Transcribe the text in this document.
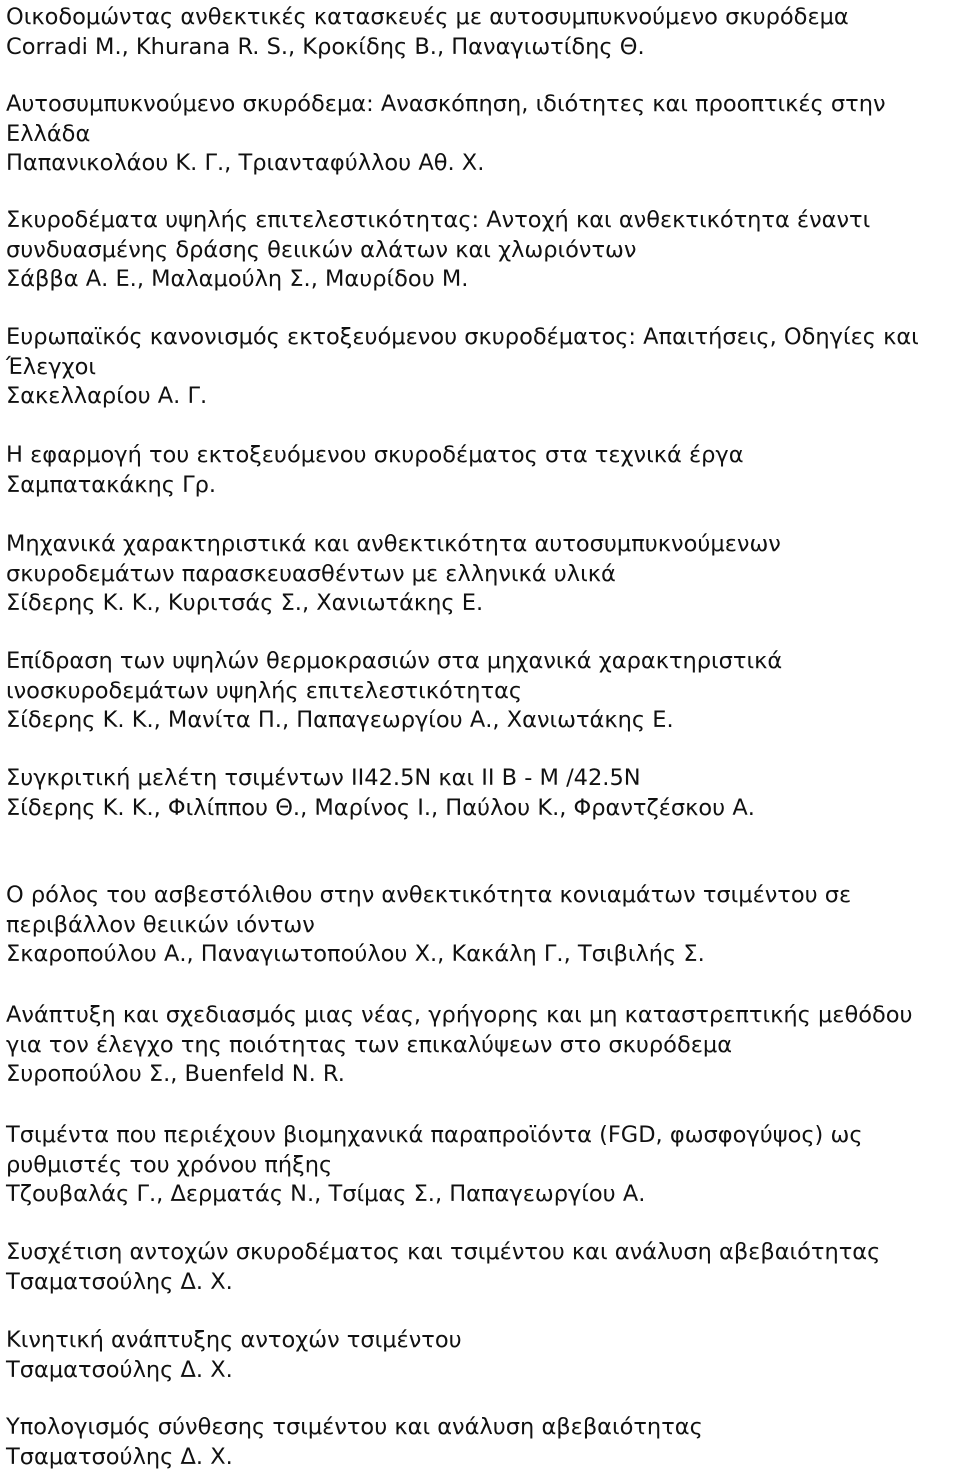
Οικοδομώντας ανθεκτικές κατασκευές με αυτοσυμπυκνούμενο σκυρόδεμα
Corradi M., Khurana R. S., Κροκίδης Β., Παναγιωτίδης Θ.
Αυτοσυμπυκνούμενο σκυρόδεμα: Ανασκόπηση, ιδιότητες και προοπτικές στην
Ελλάδα
Παπανικολάου Κ. Γ., Τριανταφύλλου Αθ. Χ.
Σκυροδέματα υψηλής επιτελεστικότητας: Αντοχή και ανθεκτικότητα έναντι
συνδυασμένης δράσης θειικών αλάτων και χλωριόντων
Σάββα Α. Ε., Μαλαμούλη Σ., Μαυρίδου Μ.
Ευρωπαϊκός κανονισμός εκτοξευόμενου σκυροδέματος: Απαιτήσεις, Οδηγίες και
Έλεγχοι
Σακελλαρίου Α. Γ.
Η εφαρμογή του εκτοξευόμενου σκυροδέματος στα τεχνικά έργα
Σαμπατακάκης Γρ.
Μηχανικά χαρακτηριστικά και ανθεκτικότητα αυτοσυμπυκνούμενων
σκυροδεμάτων παρασκευασθέντων με ελληνικά υλικά
Σίδερης Κ. Κ., Κυριτσάς Σ., Χανιωτάκης Ε.
Επίδραση των υψηλών θερμοκρασιών στα μηχανικά χαρακτηριστικά
ινοσκυροδεμάτων υψηλής επιτελεστικότητας
Σίδερης Κ. Κ., Μανίτα Π., Παπαγεωργίου Α., Χανιωτάκης Ε.
Συγκριτική μελέτη τσιμέντων ΙΙ42.5Ν και ΙΙ Β - Μ /42.5Ν
Σίδερης Κ. Κ., Φιλίππου Θ., Μαρίνος Ι., Παύλου Κ., Φραντζέσκου Α.
Ο ρόλος του ασβεστόλιθου στην ανθεκτικότητα κονιαμάτων τσιμέντου σε
περιβάλλον θειικών ιόντων
Σκαροπούλου Α., Παναγιωτοπούλου Χ., Κακάλη Γ., Τσιβιλής Σ.
Ανάπτυξη και σχεδιασμός μιας νέας, γρήγορης και μη καταστρεπτικής μεθόδου
για τον έλεγχο της ποιότητας των επικαλύψεων στο σκυρόδεμα
Συροπούλου Σ., Buenfeld N. R.
Τσιμέντα που περιέχουν βιομηχανικά παραπροϊόντα (FGD, φωσφογύψος) ως
ρυθμιστές του χρόνου πήξης
Τζουβαλάς Γ., Δερματάς Ν., Τσίμας Σ., Παπαγεωργίου Α.
Συσχέτιση αντοχών σκυροδέματος και τσιμέντου και ανάλυση αβεβαιότητας
Τσαματσούλης Δ. Χ.
Κινητική ανάπτυξης αντοχών τσιμέντου
Τσαματσούλης Δ. Χ.
Υπολογισμός σύνθεσης τσιμέντου και ανάλυση αβεβαιότητας
Τσαματσούλης Δ. Χ.
